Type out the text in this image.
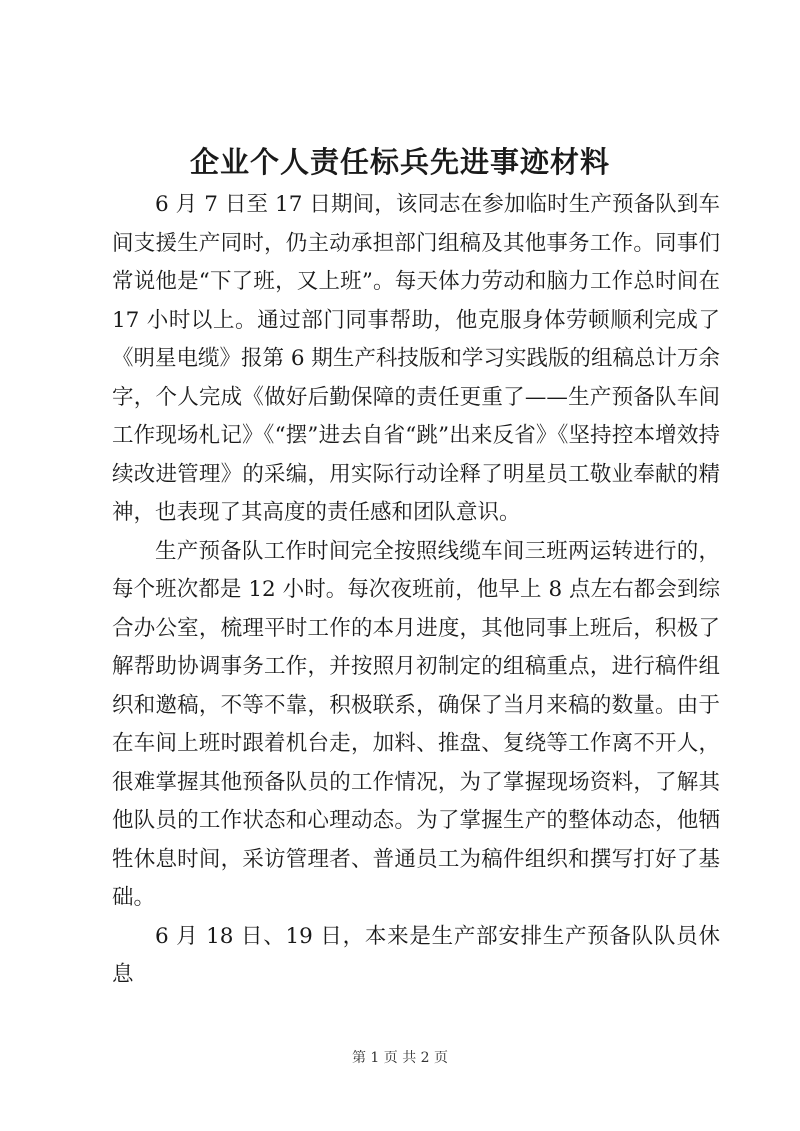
企业个人责任标兵先进事迹材料

6 月 7 日至 17 日期间，该同志在参加临时生产预备队到车间支援生产同时，仍主动承担部门组稿及其他事务工作。同事们常说他是“下了班，又上班”。每天体力劳动和脑力工作总时间在 17 小时以上。通过部门同事帮助，他克服身体劳顿顺利完成了《明星电缆》报第 6 期生产科技版和学习实践版的组稿总计万余字，个人完成《做好后勤保障的责任更重了——生产预备队车间工作现场札记》《“摆”进去自省“跳”出来反省》《坚持控本增效持续改进管理》的采编，用实际行动诠释了明星员工敬业奉献的精神，也表现了其高度的责任感和团队意识。

生产预备队工作时间完全按照线缆车间三班两运转进行的，每个班次都是 12 小时。每次夜班前，他早上 8 点左右都会到综合办公室，梳理平时工作的本月进度，其他同事上班后，积极了解帮助协调事务工作，并按照月初制定的组稿重点，进行稿件组织和邀稿，不等不靠，积极联系，确保了当月来稿的数量。由于在车间上班时跟着机台走，加料、推盘、复绕等工作离不开人，很难掌握其他预备队员的工作情况，为了掌握现场资料，了解其他队员的工作状态和心理动态。为了掌握生产的整体动态，他牺牲休息时间，采访管理者、普通员工为稿件组织和撰写打好了基础。

6 月 18 日、19 日，本来是生产部安排生产预备队队员休息

第 1 页 共 2 页
